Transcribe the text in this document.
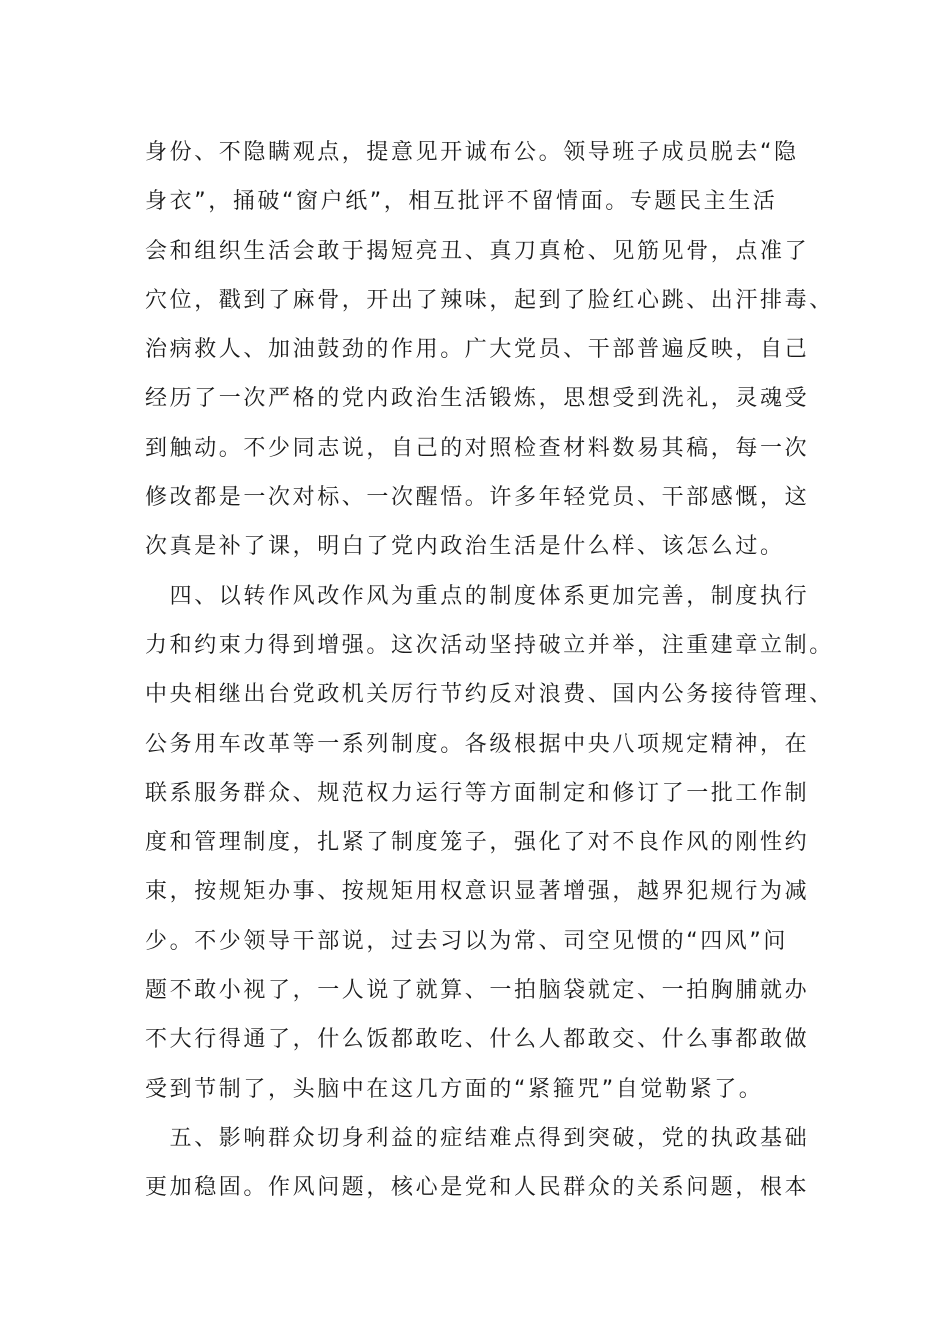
身份、不隐瞒观点，提意见开诚布公。领导班子成员脱去“隐
身衣”，捅破“窗户纸”，相互批评不留情面。专题民主生活
会和组织生活会敢于揭短亮丑、真刀真枪、见筋见骨，点准了
穴位，戳到了麻骨，开出了辣味，起到了脸红心跳、出汗排毒、
治病救人、加油鼓劲的作用。广大党员、干部普遍反映，自己
经历了一次严格的党内政治生活锻炼，思想受到洗礼，灵魂受
到触动。不少同志说，自己的对照检查材料数易其稿，每一次
修改都是一次对标、一次醒悟。许多年轻党员、干部感慨，这
次真是补了课，明白了党内政治生活是什么样、该怎么过。
　四、以转作风改作风为重点的制度体系更加完善，制度执行
力和约束力得到增强。这次活动坚持破立并举，注重建章立制。
中央相继出台党政机关厉行节约反对浪费、国内公务接待管理、
公务用车改革等一系列制度。各级根据中央八项规定精神，在
联系服务群众、规范权力运行等方面制定和修订了一批工作制
度和管理制度，扎紧了制度笼子，强化了对不良作风的刚性约
束，按规矩办事、按规矩用权意识显著增强，越界犯规行为减
少。不少领导干部说，过去习以为常、司空见惯的“四风”问
题不敢小视了，一人说了就算、一拍脑袋就定、一拍胸脯就办
不大行得通了，什么饭都敢吃、什么人都敢交、什么事都敢做
受到节制了，头脑中在这几方面的“紧箍咒”自觉勒紧了。
　五、影响群众切身利益的症结难点得到突破，党的执政基础
更加稳固。作风问题，核心是党和人民群众的关系问题，根本
